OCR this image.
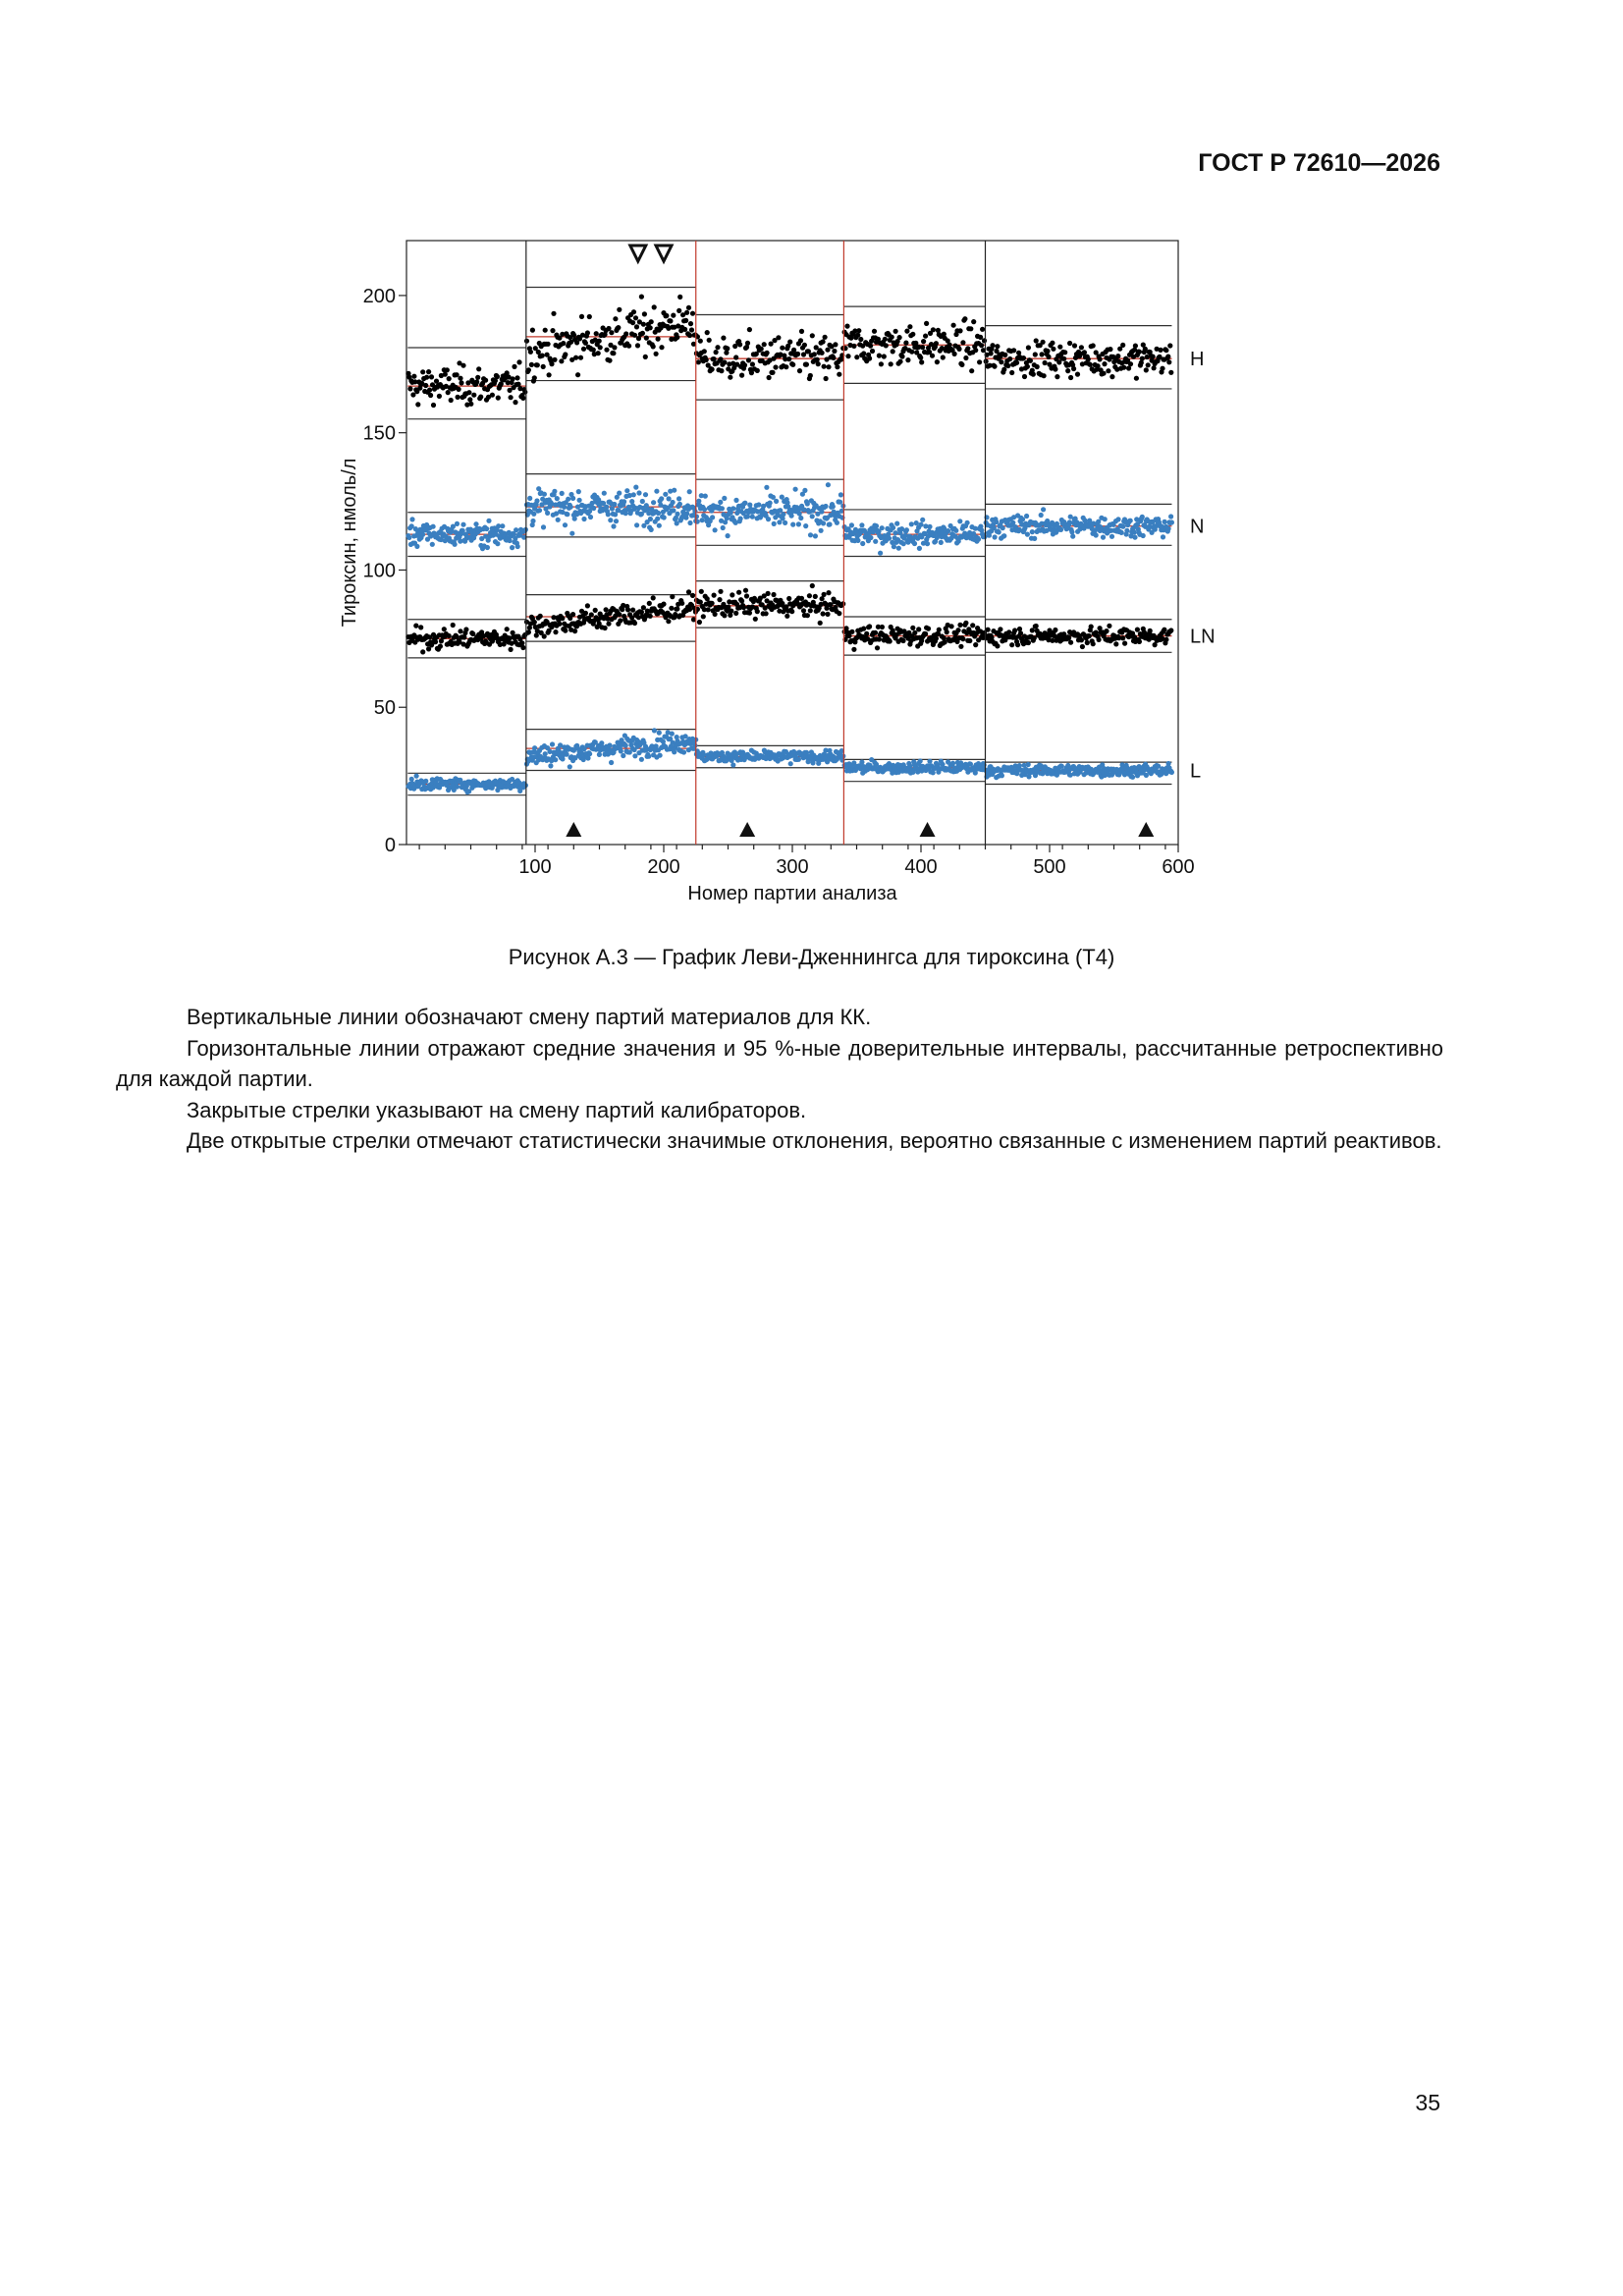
ГОСТ Р 72610—2026
H
N
LN
L
100	200	300	400	500	600
0
50
100
150
200
Номер партии анализа
Тироксин, нмоль/л
Рисунок А.3 — График Леви-Дженнингса для тироксина (Т4)

Вертикальные линии обозначают смену партий материалов для КК.

Горизонтальные линии отражают средние значения и 95 %-ные доверительные интервалы, рассчитанные ретроспективно для каждой партии.

Закрытые стрелки указывают на смену партий калибраторов.

Две открытые стрелки отмечают статистически значимые отклонения, вероятно связанные с изменением партий реактивов.

35
